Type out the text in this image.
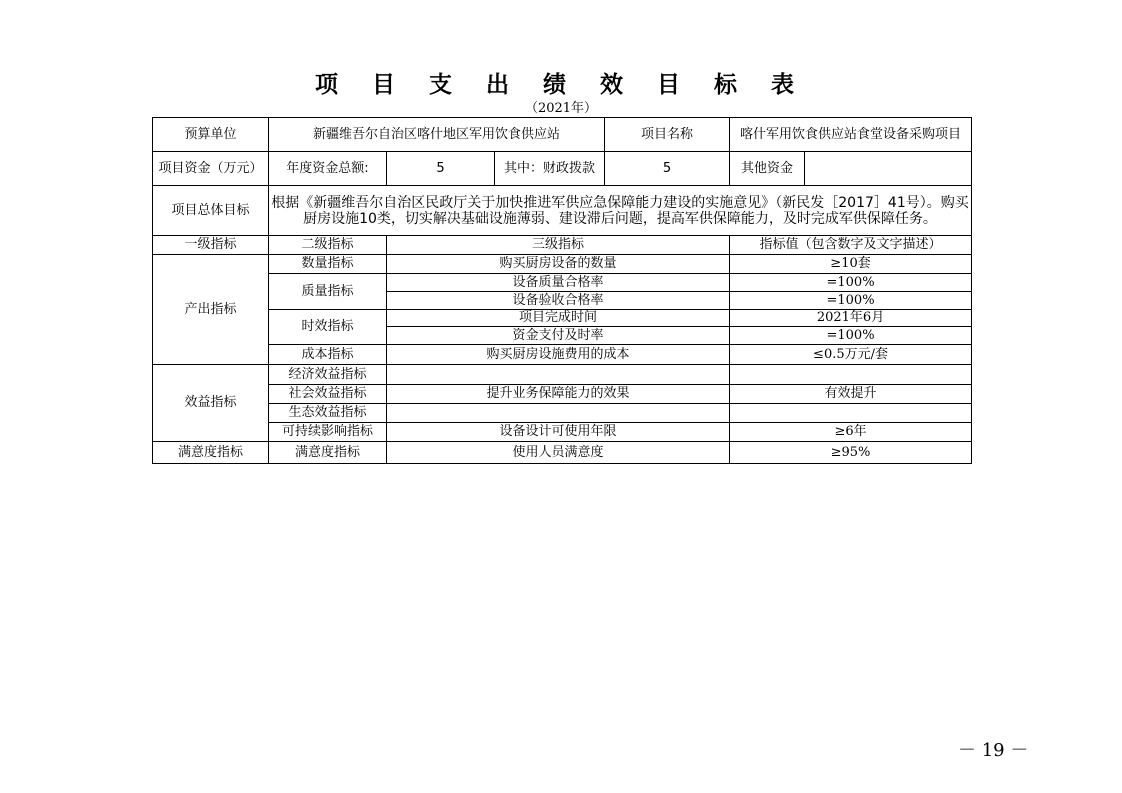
项 目 支 出 绩 效 目 标 表
（2021年）
预算单位	新疆维吾尔自治区喀什地区军用饮食供应站			项目名称	喀什军用饮食供应站食堂设备采购项目	
项目资金（万元）	年度资金总额:	5	其中：财政拨款	5	其他资金	
项目总体目标	根据《新疆维吾尔自治区民政厅关于加快推进军供应急保障能力建设的实施意见》（新民发［2017］41号）。购买厨房设施10类，切实解决基础设施薄弱、建设滞后问题，提高军供保障能力，及时完成军供保障任务。					
一级指标	二级指标	三级指标			指标值（包含数字及文字描述）	
产出指标	数量指标	购买厨房设备的数量			≥10套	
	质量指标	设备质量合格率			=100%	
		设备验收合格率			=100%	
	时效指标	项目完成时间			2021年6月	
		资金支付及时率			=100%	
	成本指标	购买厨房设施费用的成本			≤0.5万元/套	
效益指标	经济效益指标					
	社会效益指标	提升业务保障能力的效果			有效提升	
	生态效益指标					
	可持续影响指标	设备设计可使用年限			≥6年	
满意度指标	满意度指标	使用人员满意度			≥95%	
－ 19 －
